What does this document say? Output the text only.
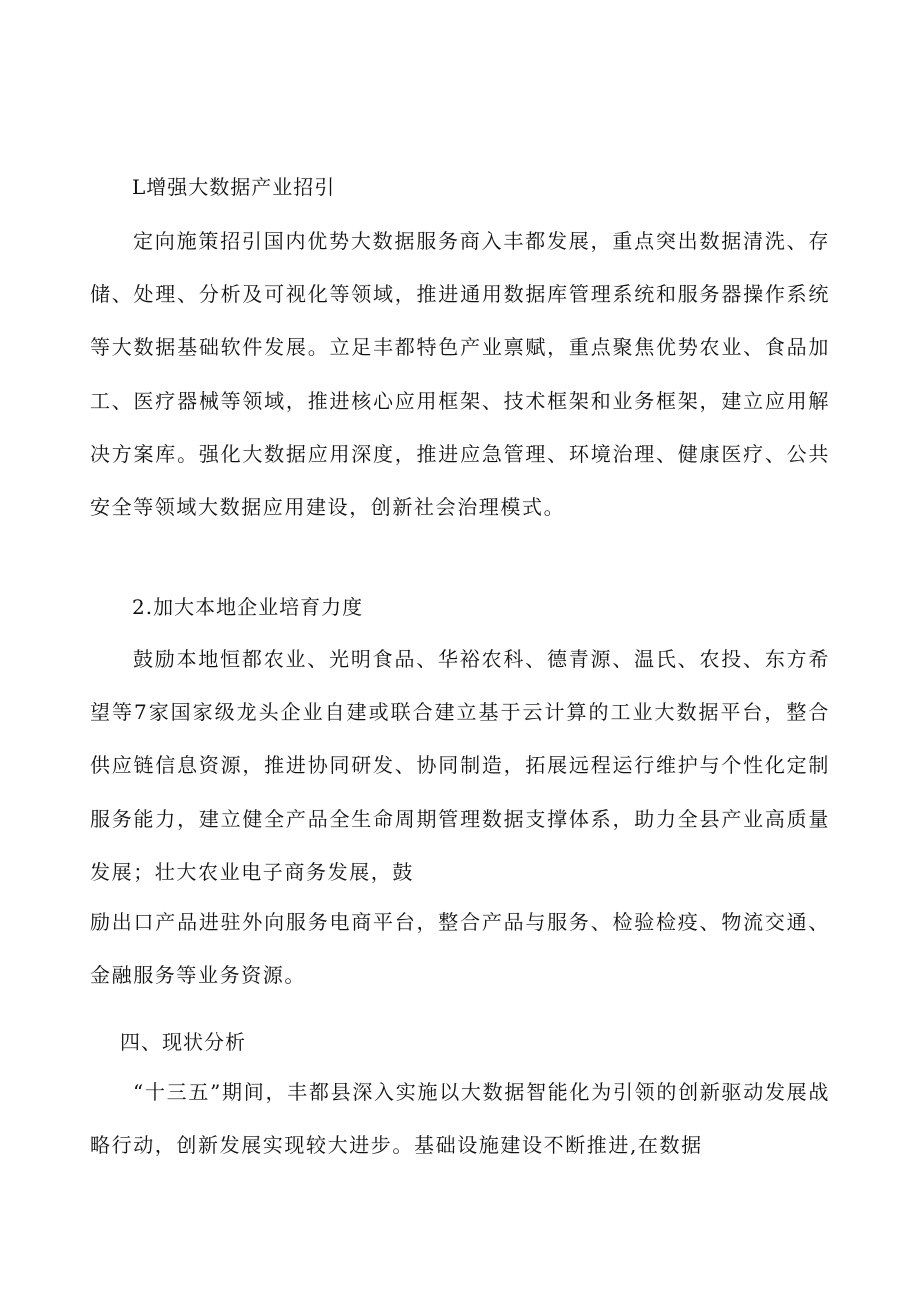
L增强大数据产业招引

定向施策招引国内优势大数据服务商入丰都发展，重点突出数据清洗、存储、处理、分析及可视化等领域，推进通用数据库管理系统和服务器操作系统等大数据基础软件发展。立足丰都特色产业禀赋，重点聚焦优势农业、食品加工、医疗器械等领域，推进核心应用框架、技术框架和业务框架，建立应用解决方案库。强化大数据应用深度，推进应急管理、环境治理、健康医疗、公共安全等领域大数据应用建设，创新社会治理模式。

2.加大本地企业培育力度

鼓励本地恒都农业、光明食品、华裕农科、德青源、温氏、农投、东方希望等7家国家级龙头企业自建或联合建立基于云计算的工业大数据平台，整合供应链信息资源，推进协同研发、协同制造，拓展远程运行维护与个性化定制服务能力，建立健全产品全生命周期管理数据支撑体系，助力全县产业高质量发展；壮大农业电子商务发展，鼓

励出口产品进驻外向服务电商平台，整合产品与服务、检验检疫、物流交通、金融服务等业务资源。

四、现状分析

“十三五”期间，丰都县深入实施以大数据智能化为引领的创新驱动发展战略行动，创新发展实现较大进步。基础设施建设不断推进,在数据
